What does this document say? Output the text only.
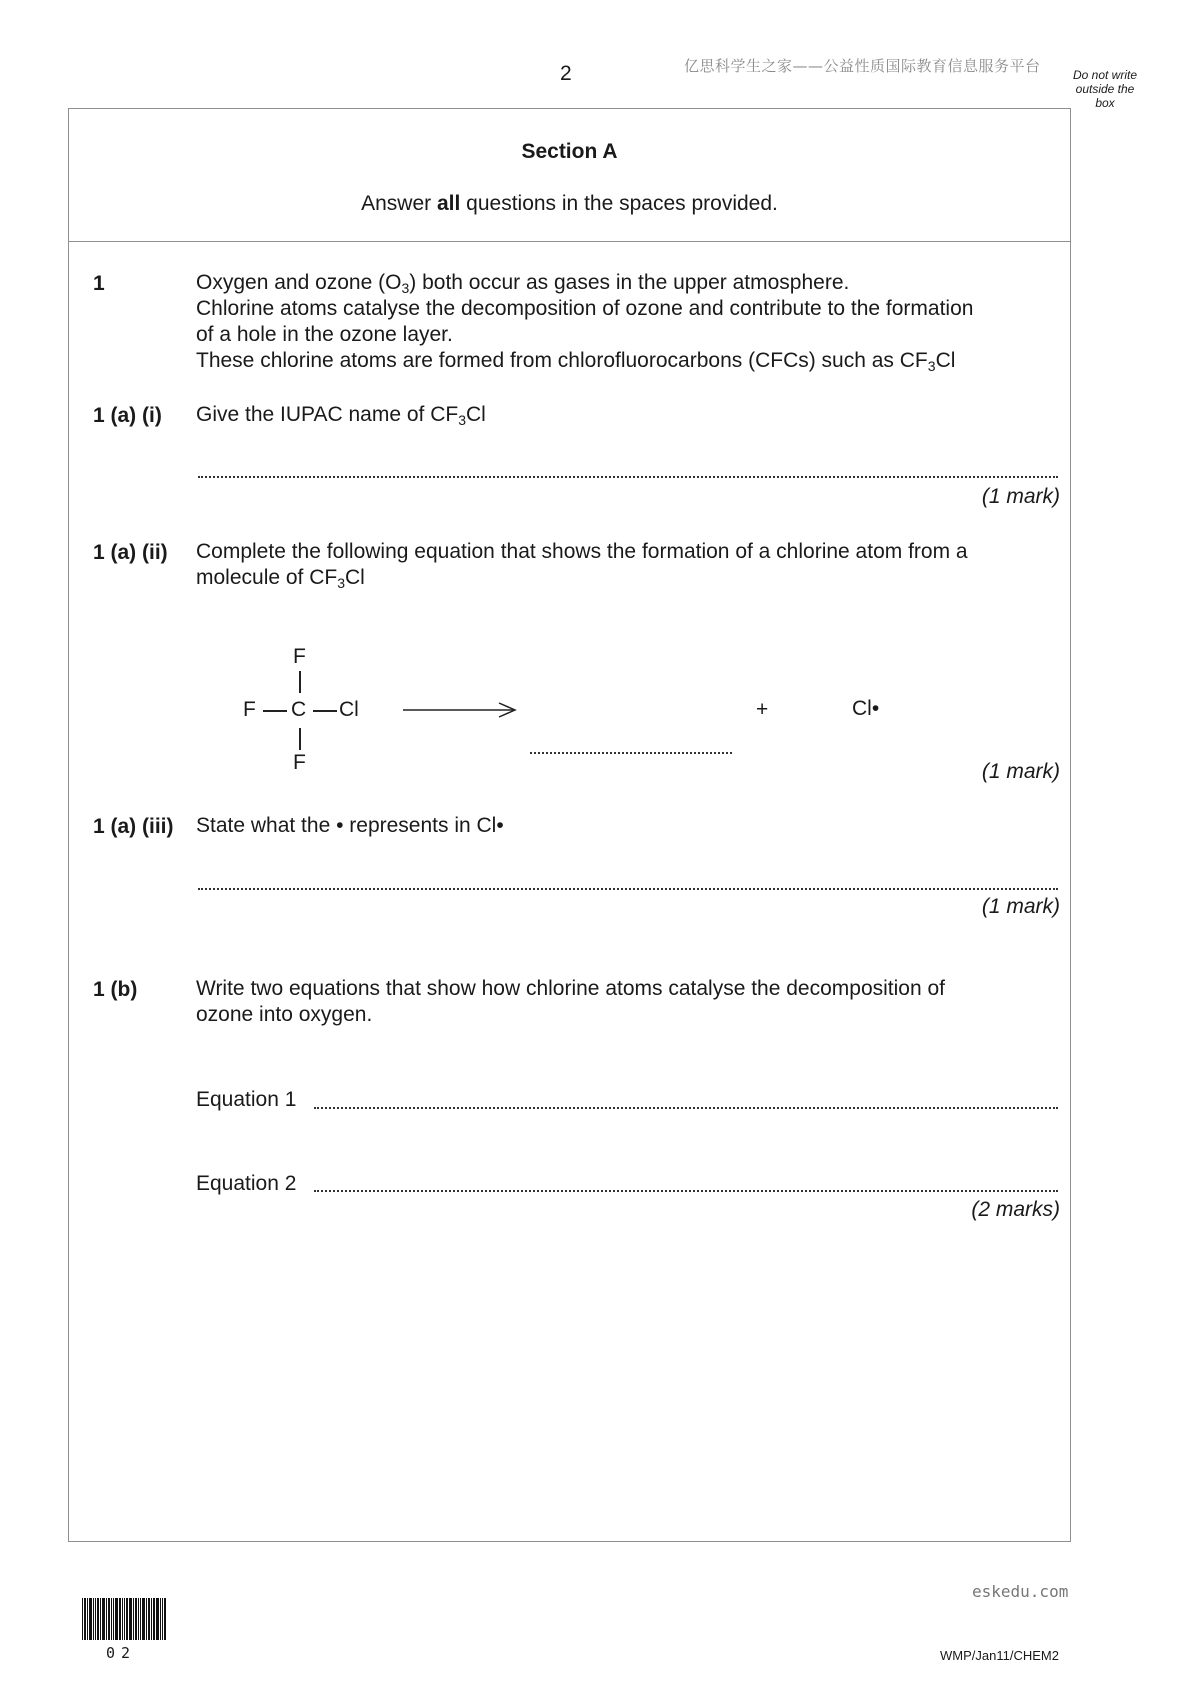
2	亿思科学生之家——公益性质国际教育信息服务平台	Do not write outside the box
Section A
Answer all questions in the spaces provided.
1	Oxygen and ozone $(O_3)$ both occur as gases in the upper atmosphere.
Chlorine atoms catalyse the decomposition of ozone and contribute to the formation
of a hole in the ozone layer.
These chlorine atoms are formed from chlorofluorocarbons (CFCs) such as $CF_3Cl$
1 (a) (i) Give the IUPAC name of $CF_3Cl$
(1 mark)
1 (a) (ii) Complete the following equation that shows the formation of a chlorine atom from a
molecule of $CF_3Cl$
F
F C Cl
F
+	Cl•
(1 mark)
1 (a) (iii) State what the • represents in Cl•
(1 mark)
1 (b)	Write two equations that show how chlorine atoms catalyse the decomposition of
ozone into oxygen.
Equation 1
Equation 2
(2 marks)
eskedu.com
02	WMP/Jan11/CHEM2
